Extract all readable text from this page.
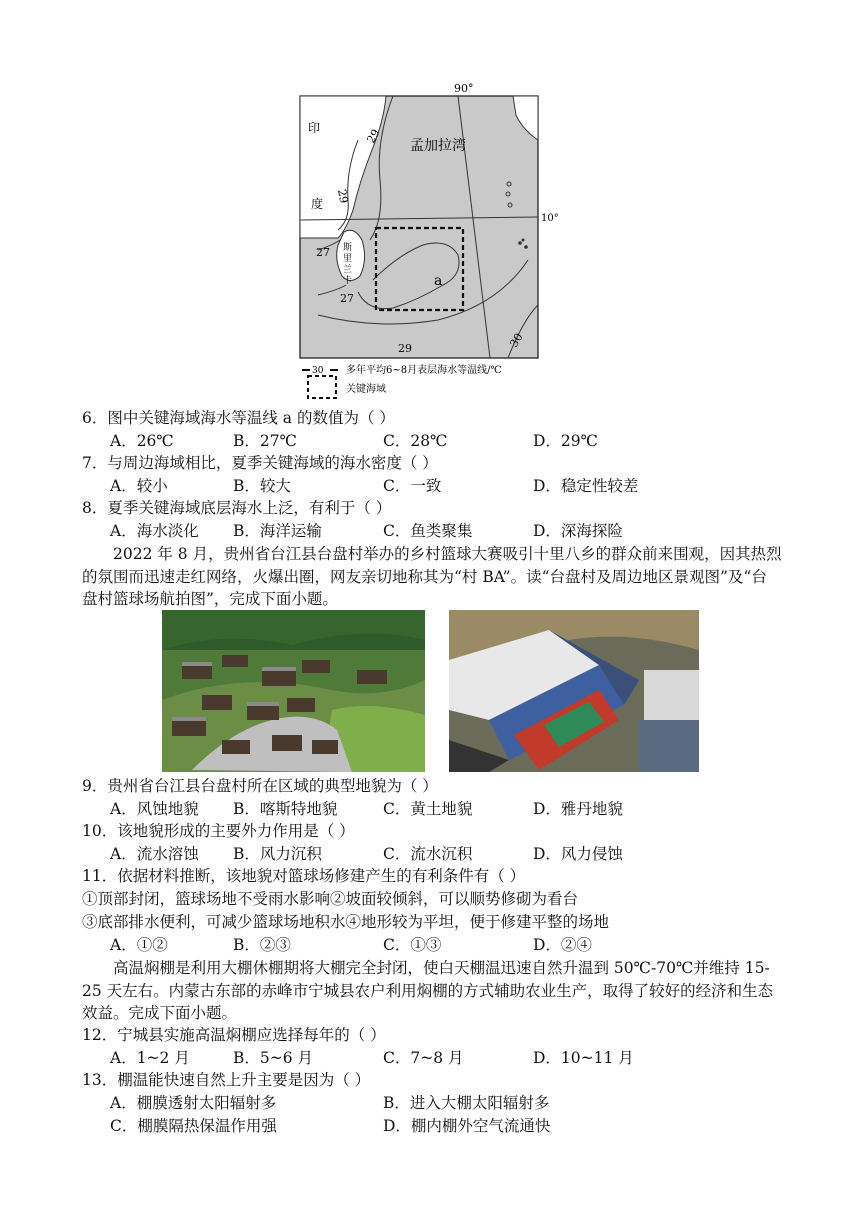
90°
10°
孟加拉湾
印
度
斯
里
兰
卡
29
29
27
27
29	30
a
30 多年平均6~8月表层海水等温线/℃
关键海域
6．图中关键海域海水等温线 a 的数值为（ ）
A．26℃	B．27℃	C．28℃	D．29℃
7．与周边海域相比，夏季关键海域的海水密度（ ）
A．较小	B．较大	C．一致	D．稳定性较差
8．夏季关键海域底层海水上泛，有利于（ ）
A．海水淡化 B．海洋运输	C．鱼类聚集	D．深海探险
2022 年 8 月，贵州省台江县台盘村举办的乡村篮球大赛吸引十里八乡的群众前来围观，因其热烈的氛围而迅速走红网络，火爆出圈，网友亲切地称其为“村 BA”。读“台盘村及周边地区景观图”及“台盘村篮球场航拍图”，完成下面小题。
9．贵州省台江县台盘村所在区域的典型地貌为（ ）
A．风蚀地貌 B．喀斯特地貌	C．黄土地貌	D．雅丹地貌
10．该地貌形成的主要外力作用是（ ）
A．流水溶蚀 B．风力沉积	C．流水沉积	D．风力侵蚀
11．依据材料推断，该地貌对篮球场修建产生的有利条件有（ ）
①顶部封闭，篮球场地不受雨水影响②坡面较倾斜，可以顺势修砌为看台
③底部排水便利，可减少篮球场地积水④地形较为平坦，便于修建平整的场地
A．①②	B．②③	C．①③	D．②④
高温焖棚是利用大棚休棚期将大棚完全封闭，使白天棚温迅速自然升温到 50℃-70℃并维持 15-25 天左右。内蒙古东部的赤峰市宁城县农户利用焖棚的方式辅助农业生产，取得了较好的经济和生态效益。完成下面小题。
12．宁城县实施高温焖棚应选择每年的（ ）
A．1~2 月	B．5~6 月	C．7~8 月	D．10~11 月
13．棚温能快速自然上升主要是因为（ ）
A．棚膜透射太阳辐射多	B．进入大棚太阳辐射多
C．棚膜隔热保温作用强	D．棚内棚外空气流通快
